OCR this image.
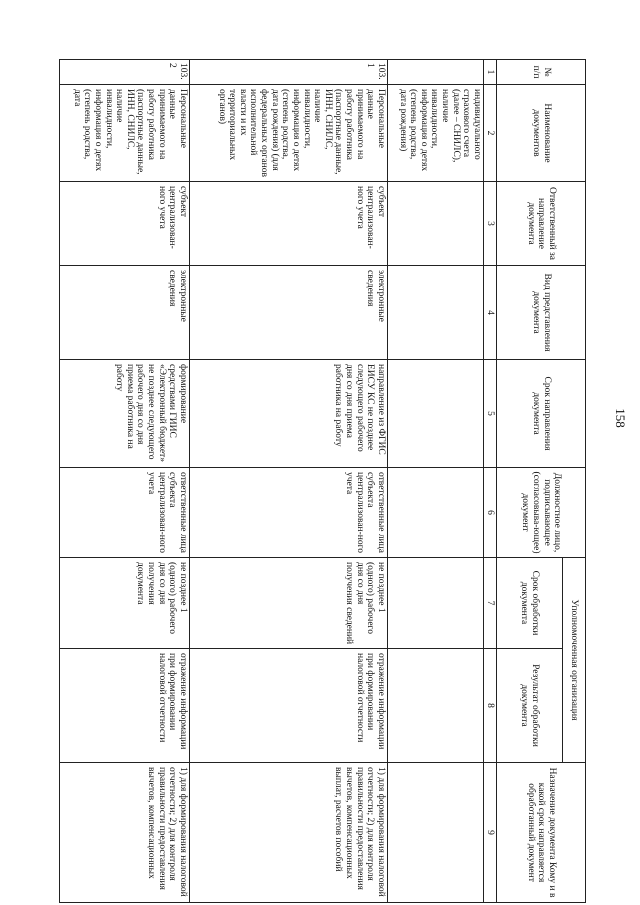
158
№ п/п	Наименование документов	Ответственный за направление документа	Вид представления документа	Срок направления документа	Должностное лицо, подписывающее (согласовыва-ющее) документ	Уполномоченная организация		Назначение документа Кому и в какой срок направляется обработанный документ
						Срок обработки документа	Результат обработки документа	
1	2	3	4	5	6	7	8	9
	индивидуального страхового счета (далее – СНИЛС), наличие инвалидности, информация о детях (степень родства, дата рождения)							
103.1	Персональные данные принимаемого на работу работника (паспортные данные, ИНН, СНИЛС, наличие инвалидности, информация о детях (степень родства, дата рождения) (для федеральных органов исполнительной власти и их территориальных органов)	субъект централизован-ного учета	электронные сведения	направление из ФГИС ЕИСУ КС не позднее следующего рабочего дня со дня приема работника на работу	ответственные лица субъекта централизован-ного учета	не позднее 1 (одного) рабочего дня со дня получения сведений	отражение информации при формировании налоговой отчетности	1) для формирования налоговой отчетности; 2) для контроля правильности предоставления вычетов, компенсационных выплат, расчетов пособий
103.2	Персональные данные принимаемого на работу работника (паспортные данные, ИНН, СНИЛС, наличие инвалидности, информация о детях (степень родства, дата	субъект централизован-ного учета	электронные сведения	формирование средствами ГИИС «Электронный бюджет» не позднее следующего рабочего дня со дня приема работника на работу	ответственные лица субъекта централизован-ного учета	не позднее 1 (одного) рабочего дня со дня получения документа	отражение информации при формировании налоговой отчетности	1) для формирования налоговой отчетности; 2) для контроля правильности предоставления вычетов, компенсационных
